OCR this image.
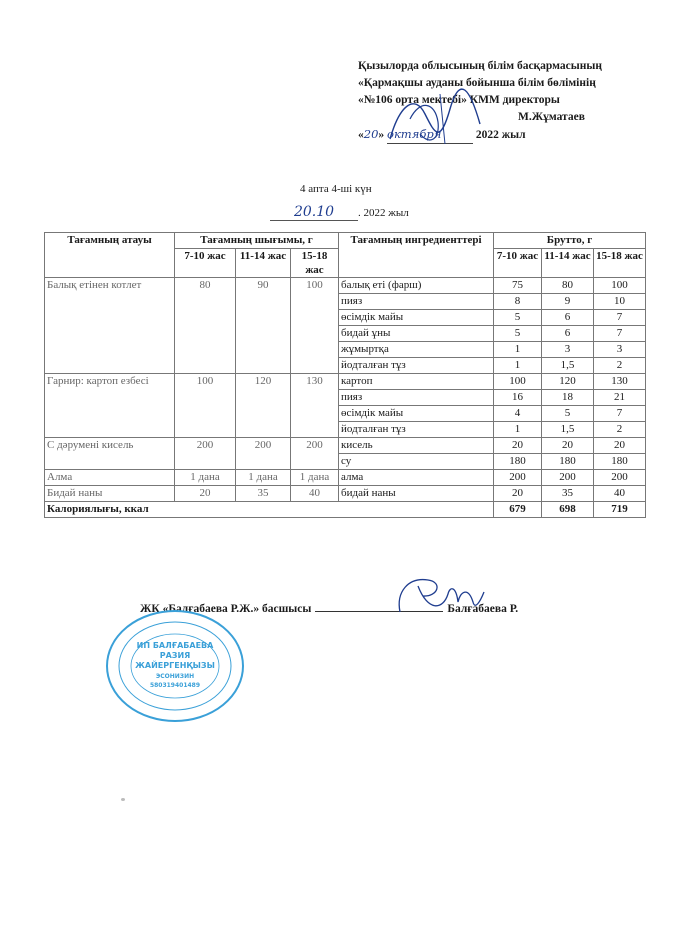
Қызылорда облысының білім басқармасының
«Қармақшы ауданы бойынша білім бөлімінің
«№106 орта мектебі» КММ директоры
М.Жұматаев
«20» октября	2022 жыл
4 апта 4-ші күн
20.10 . 2022 жыл
Тағамның атауы	Тағамның шығымы, г			Тағамның ингредиенттері	Брутто, г		
	7-10 жас	11-14 жас	15-18 жас		7-10 жас	11-14 жас	15-18 жас
Балық етінен котлет	80	90	100	балық еті (фарш)	75	80	100
				пияз	8	9	10
				өсімдік майы	5	6	7
				бидай ұны	5	6	7
				жұмыртқа	1	3	3
				йодталған тұз	1	1,5	2
Гарнир: картоп езбесі	100	120	130	картоп	100	120	130
				пияз	16	18	21
				өсімдік майы	4	5	7
				йодталған тұз	1	1,5	2
С дәрумені кисель	200	200	200	кисель	20	20	20
				су	180	180	180
Алма	1 дана	1 дана	1 дана	алма	200	200	200
Бидай наны	20	35	40	бидай наны	20	35	40
Калориялығы, ккал					679	698	719
ЖК «Балғабаева Р.Ж.» басшысы	Балғабаева Р.
ИП БАЛҒАБАЕВА
РАЗИЯ
ЖАЙЕРГЕНҚЫЗЫ
ЭСОНИЗИН
580319401489
